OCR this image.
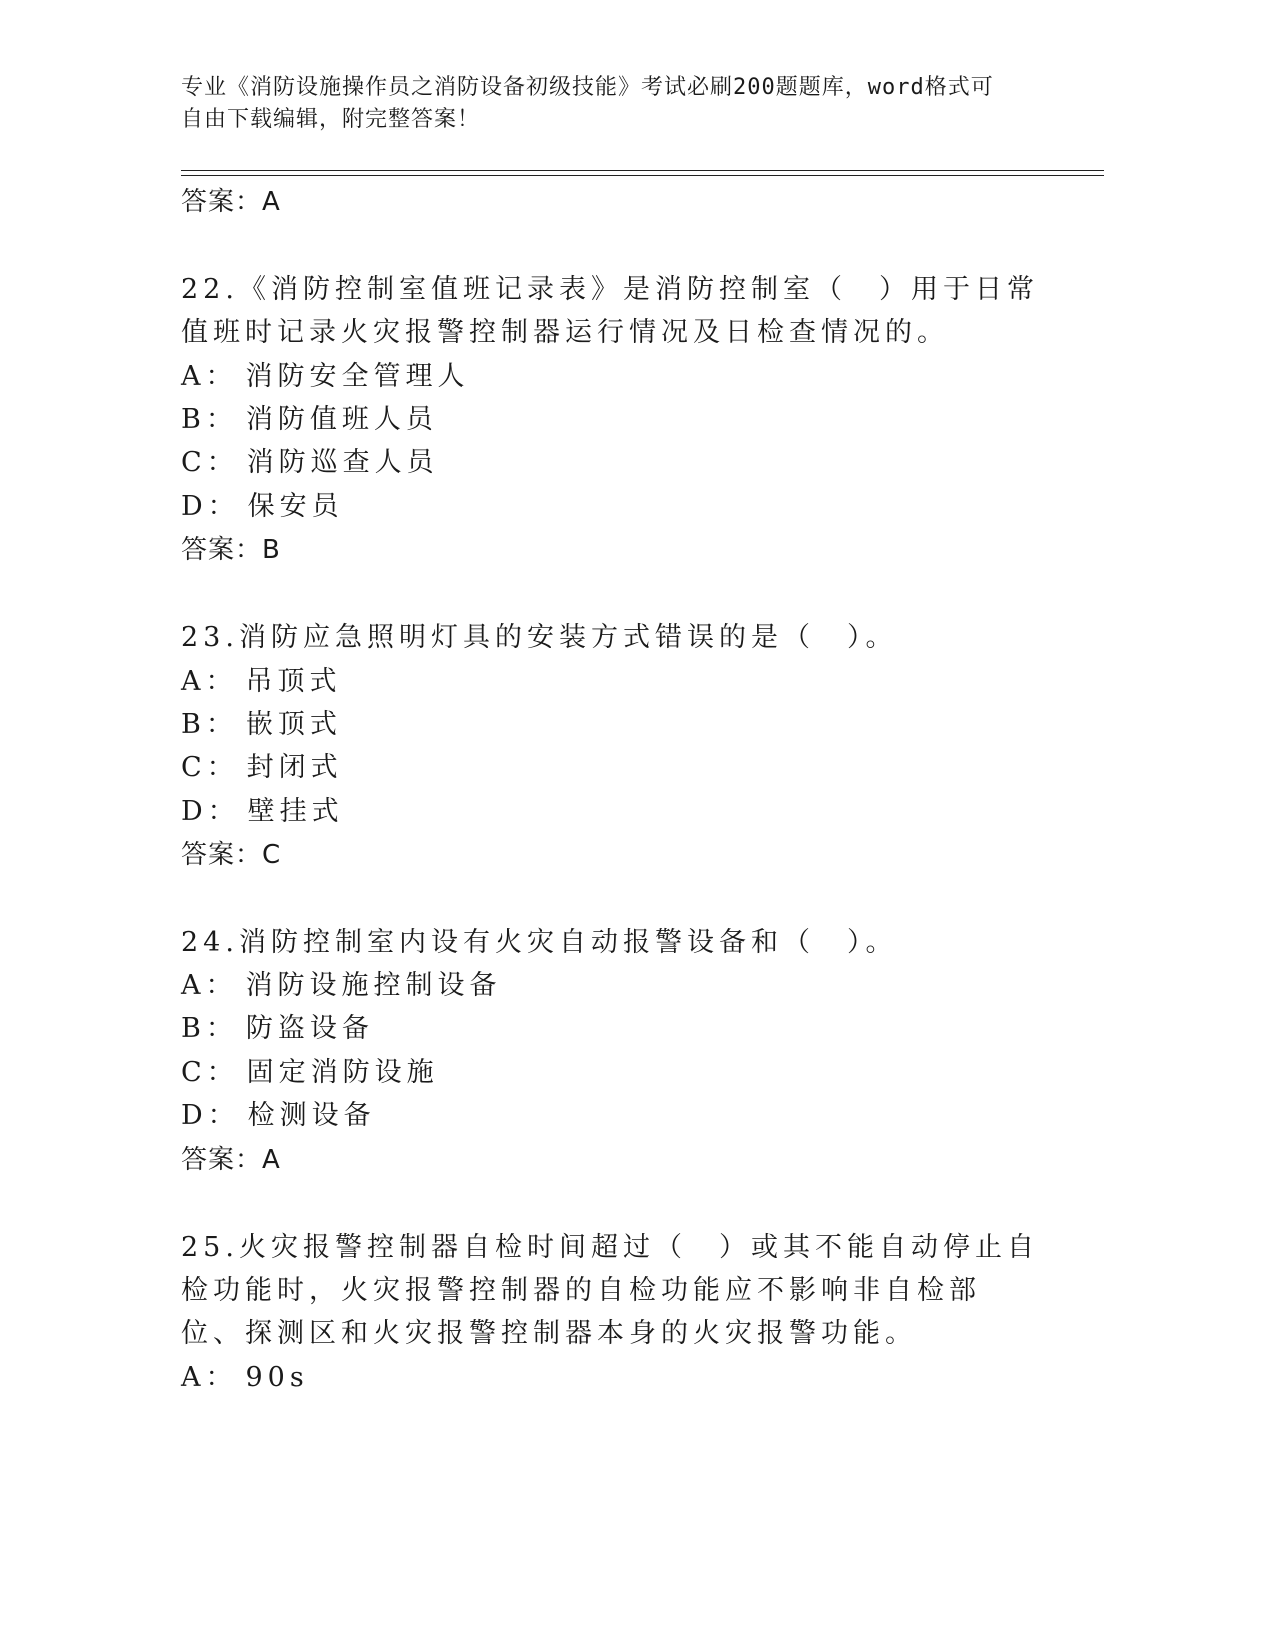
专业《消防设施操作员之消防设备初级技能》考试必刷200题题库，word格式可
自由下载编辑，附完整答案！
答案：A
22.《消防控制室值班记录表》是消防控制室（　）用于日常值班时记录火灾报警控制器运行情况及日检查情况的。
A： 消防安全管理人
B： 消防值班人员
C： 消防巡查人员
D： 保安员
答案：B
23.消防应急照明灯具的安装方式错误的是（　）。
A： 吊顶式
B： 嵌顶式
C： 封闭式
D： 壁挂式
答案：C
24.消防控制室内设有火灾自动报警设备和（　）。
A： 消防设施控制设备
B： 防盗设备
C： 固定消防设施
D： 检测设备
答案：A
25.火灾报警控制器自检时间超过（　）或其不能自动停止自检功能时，火灾报警控制器的自检功能应不影响非自检部位、探测区和火灾报警控制器本身的火灾报警功能。
A： 90s
